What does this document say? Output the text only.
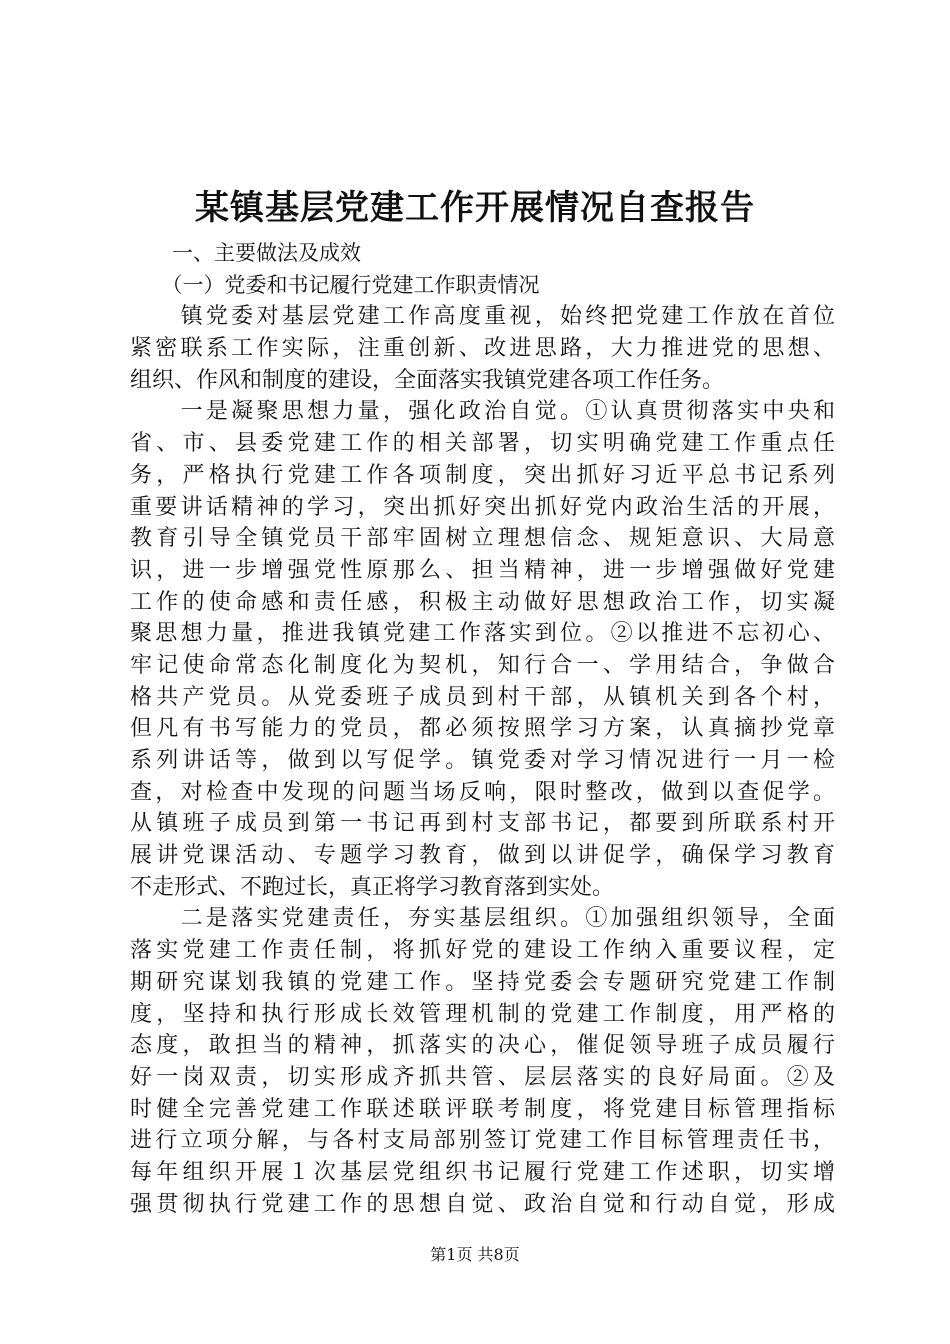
某镇基层党建工作开展情况自查报告
　　一、主要做法及成效
　　（一）党委和书记履行党建工作职责情况
　　镇党委对基层党建工作高度重视，始终把党建工作放在首位
紧密联系工作实际，注重创新、改进思路，大力推进党的思想、
组织、作风和制度的建设，全面落实我镇党建各项工作任务。
　　一是凝聚思想力量，强化政治自觉。①认真贯彻落实中央和
省、市、县委党建工作的相关部署，切实明确党建工作重点任
务，严格执行党建工作各项制度，突出抓好习近平总书记系列
重要讲话精神的学习，突出抓好突出抓好党内政治生活的开展，
教育引导全镇党员干部牢固树立理想信念、规矩意识、大局意
识，进一步增强党性原那么、担当精神，进一步增强做好党建
工作的使命感和责任感，积极主动做好思想政治工作，切实凝
聚思想力量，推进我镇党建工作落实到位。②以推进不忘初心、
牢记使命常态化制度化为契机，知行合一、学用结合，争做合
格共产党员。从党委班子成员到村干部，从镇机关到各个村，
但凡有书写能力的党员，都必须按照学习方案，认真摘抄党章
系列讲话等，做到以写促学。镇党委对学习情况进行一月一检
查，对检查中发现的问题当场反响，限时整改，做到以查促学。
从镇班子成员到第一书记再到村支部书记，都要到所联系村开
展讲党课活动、专题学习教育，做到以讲促学，确保学习教育
不走形式、不跑过长，真正将学习教育落到实处。
　　二是落实党建责任，夯实基层组织。①加强组织领导，全面
落实党建工作责任制，将抓好党的建设工作纳入重要议程，定
期研究谋划我镇的党建工作。坚持党委会专题研究党建工作制
度，坚持和执行形成长效管理机制的党建工作制度，用严格的
态度，敢担当的精神，抓落实的决心，催促领导班子成员履行
好一岗双责，切实形成齐抓共管、层层落实的良好局面。②及
时健全完善党建工作联述联评联考制度，将党建目标管理指标
进行立项分解，与各村支局部别签订党建工作目标管理责任书，
每年组织开展１次基层党组织书记履行党建工作述职，切实增
强贯彻执行党建工作的思想自觉、政治自觉和行动自觉，形成
第1页 共8页
